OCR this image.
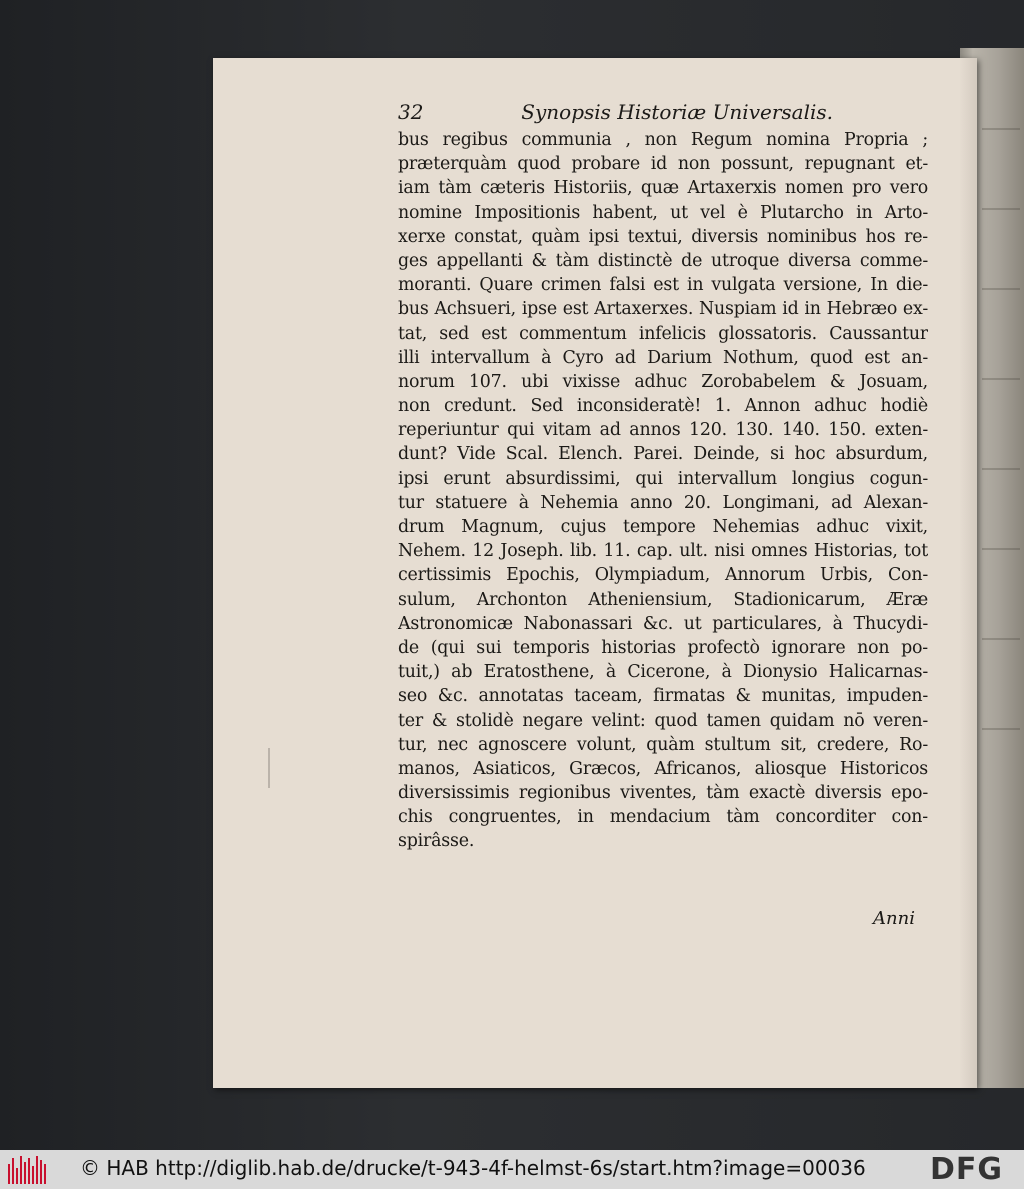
32	Synopsis Historiæ Universalis.
bus regibus communia , non Regum nomina Propria ;
præterquàm quod probare id non possunt, repugnant et-
iam tàm cæteris Historiis, quæ Artaxerxis nomen pro vero
nomine Impositionis habent, ut vel è Plutarcho in Arto-
xerxe constat, quàm ipsi textui, diversis nominibus hos re-
ges appellanti & tàm distinctè de utroque diversa comme-
moranti. Quare crimen falsi est in vulgata versione, In die-
bus Achsueri, ipse est Artaxerxes. Nuspiam id in Hebræo ex-
tat, sed est commentum infelicis glossatoris. Caussantur
illi intervallum à Cyro ad Darium Nothum, quod est an-
norum 107. ubi vixisse adhuc Zorobabelem & Josuam,
non credunt. Sed inconsideratè! 1. Annon adhuc hodiè
reperiuntur qui vitam ad annos 120. 130. 140. 150. exten-
dunt? Vide Scal. Elench. Parei. Deinde, si hoc absurdum,
ipsi erunt absurdissimi, qui intervallum longius cogun-
tur statuere à Nehemia anno 20. Longimani, ad Alexan-
drum Magnum, cujus tempore Nehemias adhuc vixit,
Nehem. 12 Joseph. lib. 11. cap. ult. nisi omnes Historias, tot
certissimis Epochis, Olympiadum, Annorum Urbis, Con-
sulum, Archonton Atheniensium, Stadionicarum, Æræ
Astronomicæ Nabonassari &c. ut particulares, à Thucydi-
de (qui sui temporis historias profectò ignorare non po-
tuit,) ab Eratosthene, à Cicerone, à Dionysio Halicarnas-
seo &c. annotatas taceam, firmatas & munitas, impuden-
ter & stolidè negare velint: quod tamen quidam nō veren-
tur, nec agnoscere volunt, quàm stultum sit, credere, Ro-
manos, Asiaticos, Græcos, Africanos, aliosque Historicos
diversissimis regionibus viventes, tàm exactè diversis epo-
chis congruentes, in mendacium tàm concorditer con-
spirâsse.
Anni
© HAB http://diglib.hab.de/drucke/t-943-4f-helmst-6s/start.htm?image=00036 DFG
